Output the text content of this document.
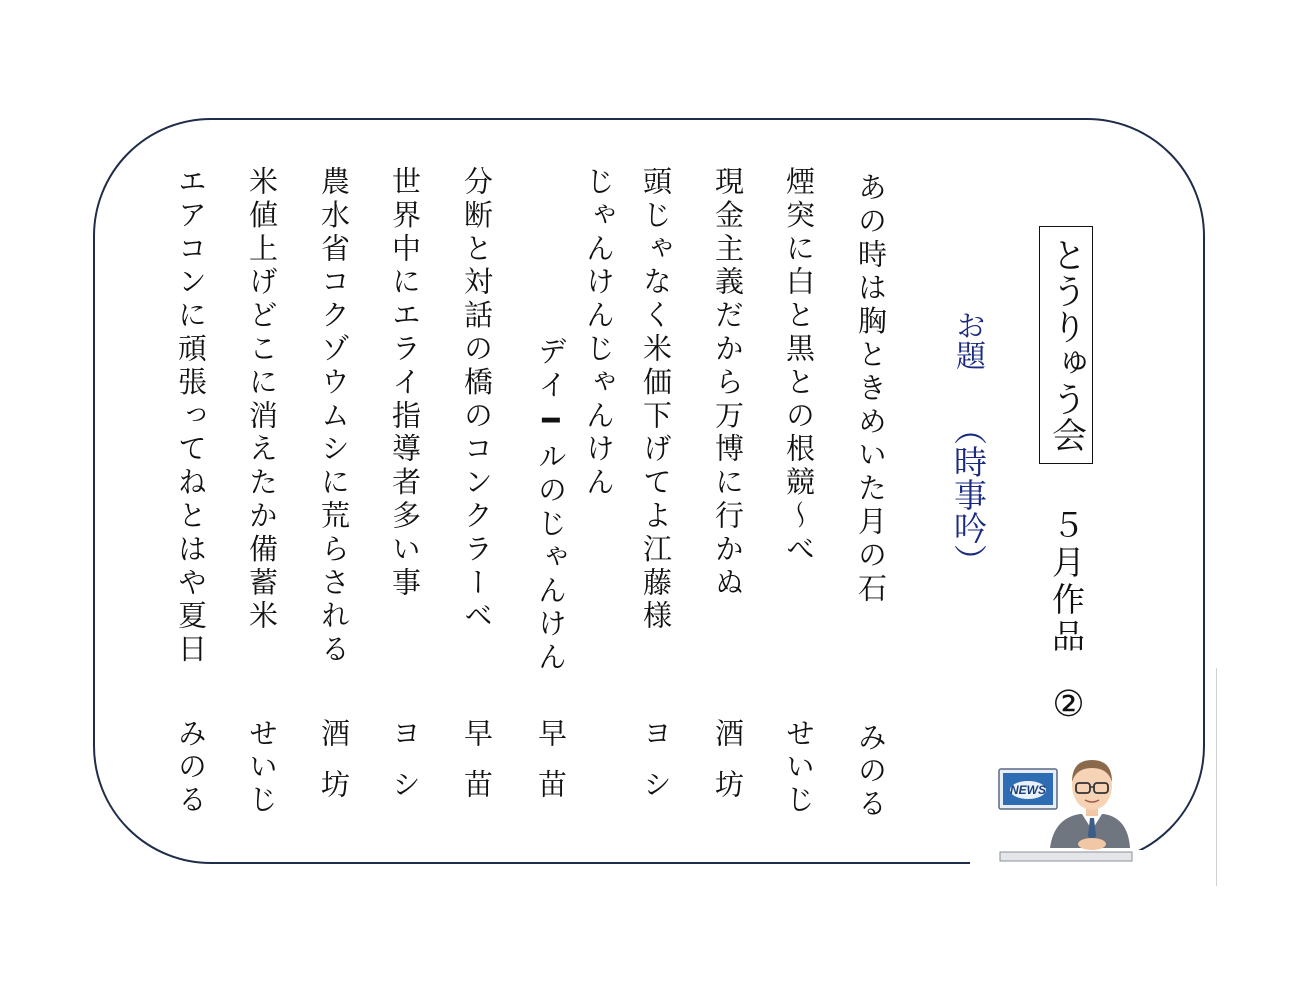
とうりゅう会
５月作品
②
お題
（時事吟）
あの時は胸ときめいた月の石
みのる
煙突に白と黒との根競～べ
せいじ
現金主義だから万博に行かぬ
酒坊
頭じゃなく米価下げてよ江藤様
ヨシ
じゃんけんじゃんけん
デイ━ルのじゃんけん
早苗
分断と対話の橋のコンクラーベ
早苗
世界中にエライ指導者多い事
ヨシ
農水省コクゾウムシに荒らされる
酒坊
米値上げどこに消えたか備蓄米
せいじ
エアコンに頑張ってねとはや夏日
みのる	NEWS
